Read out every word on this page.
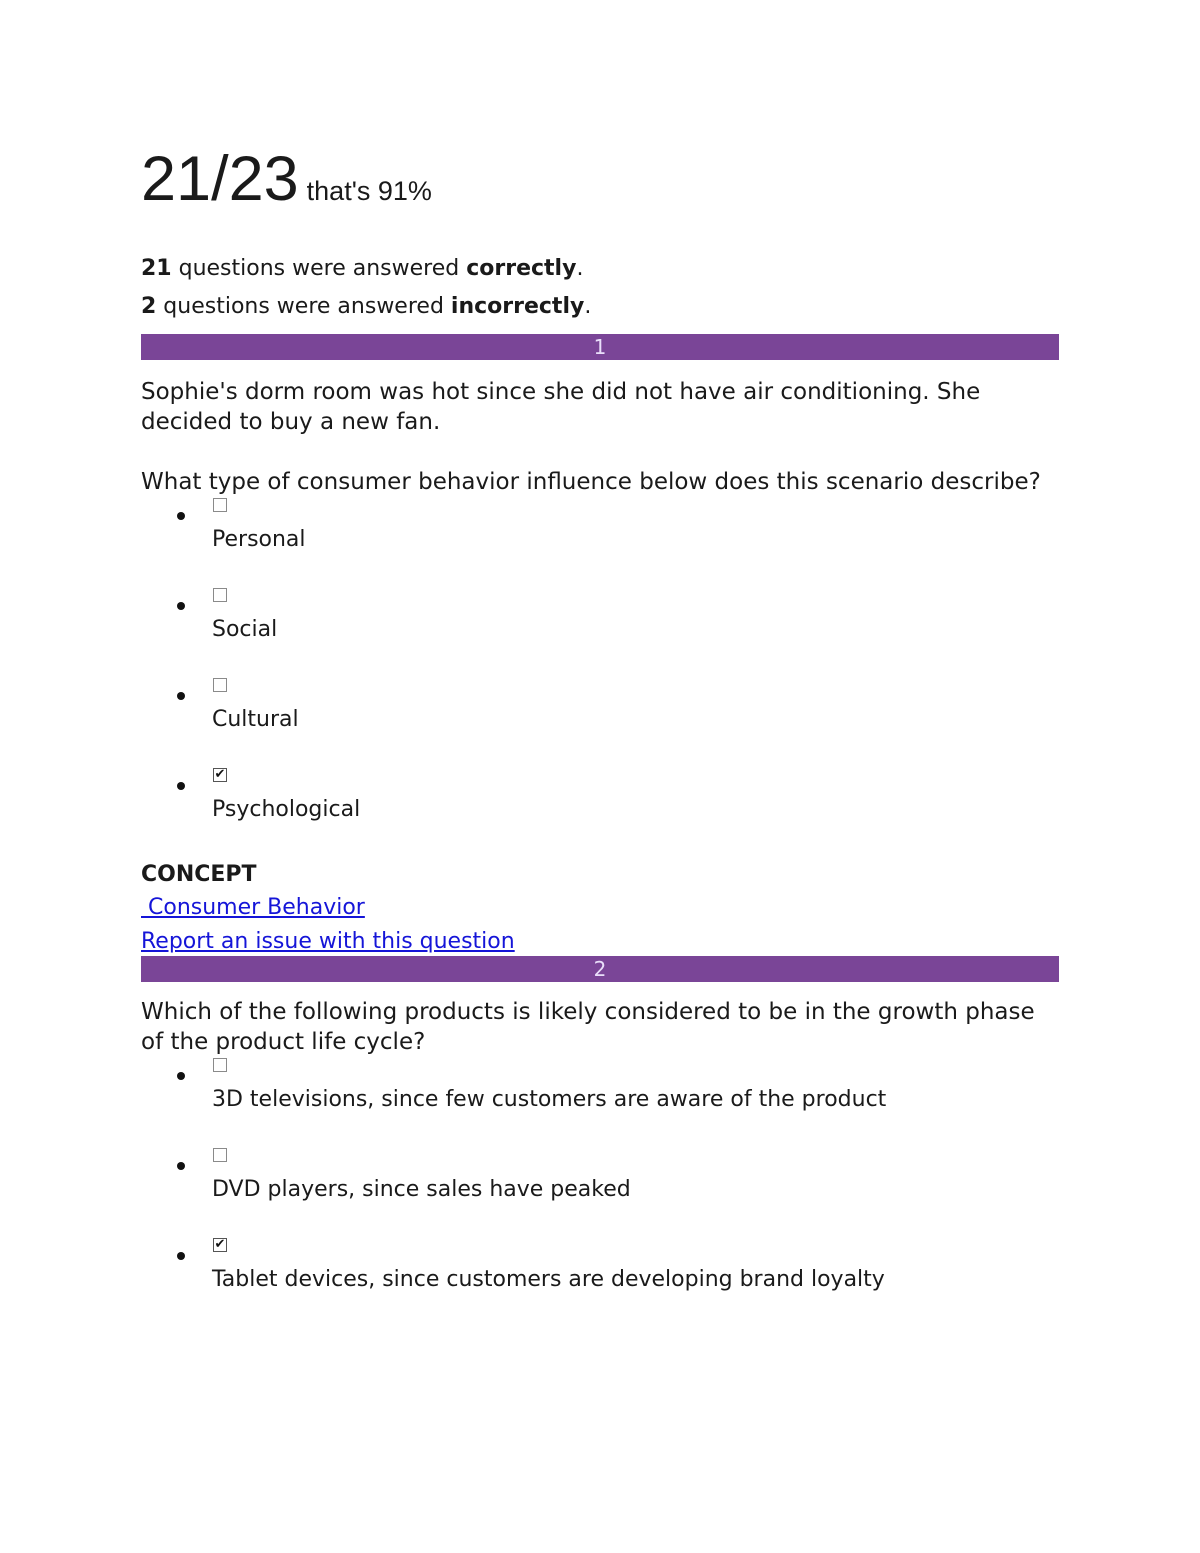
21/23 that's 91%

21 questions were answered correctly.

2 questions were answered incorrectly.

1

Sophie's dorm room was hot since she did not have air conditioning. She decided to buy a new fan.

What type of consumer behavior influence below does this scenario describe?

Personal
Social
Cultural
✔
Psychological
CONCEPT
Consumer Behavior
Report an issue with this question
2

Which of the following products is likely considered to be in the growth phase of the product life cycle?

3D televisions, since few customers are aware of the product
DVD players, since sales have peaked
✔
Tablet devices, since customers are developing brand loyalty
